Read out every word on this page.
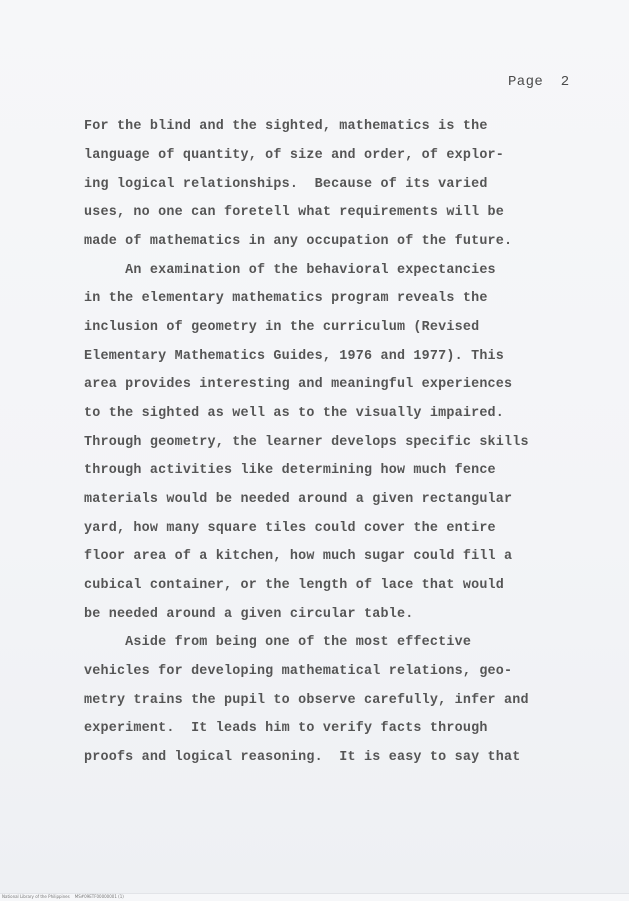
Page  2
For the blind and the sighted, mathematics is the
language of quantity, of size and order, of explor-
ing logical relationships.  Because of its varied
uses, no one can foretell what requirements will be
made of mathematics in any occupation of the future.
An examination of the behavioral expectancies
in the elementary mathematics program reveals the
inclusion of geometry in the curriculum (Revised
Elementary Mathematics Guides, 1976 and 1977). This
area provides interesting and meaningful experiences
to the sighted as well as to the visually impaired.
Through geometry, the learner develops specific skills
through activities like determining how much fence
materials would be needed around a given rectangular
yard, how many square tiles could cover the entire
floor area of a kitchen, how much sugar could fill a
cubical container, or the length of lace that would
be needed around a given circular table.
Aside from being one of the most effective
vehicles for developing mathematical relations, geo-
metry trains the pupil to observe carefully, infer and
experiment.  It leads him to verify facts through
proofs and logical reasoning.  It is easy to say that
National Library of the Philippines    MS#09ETF00000001 (1)
